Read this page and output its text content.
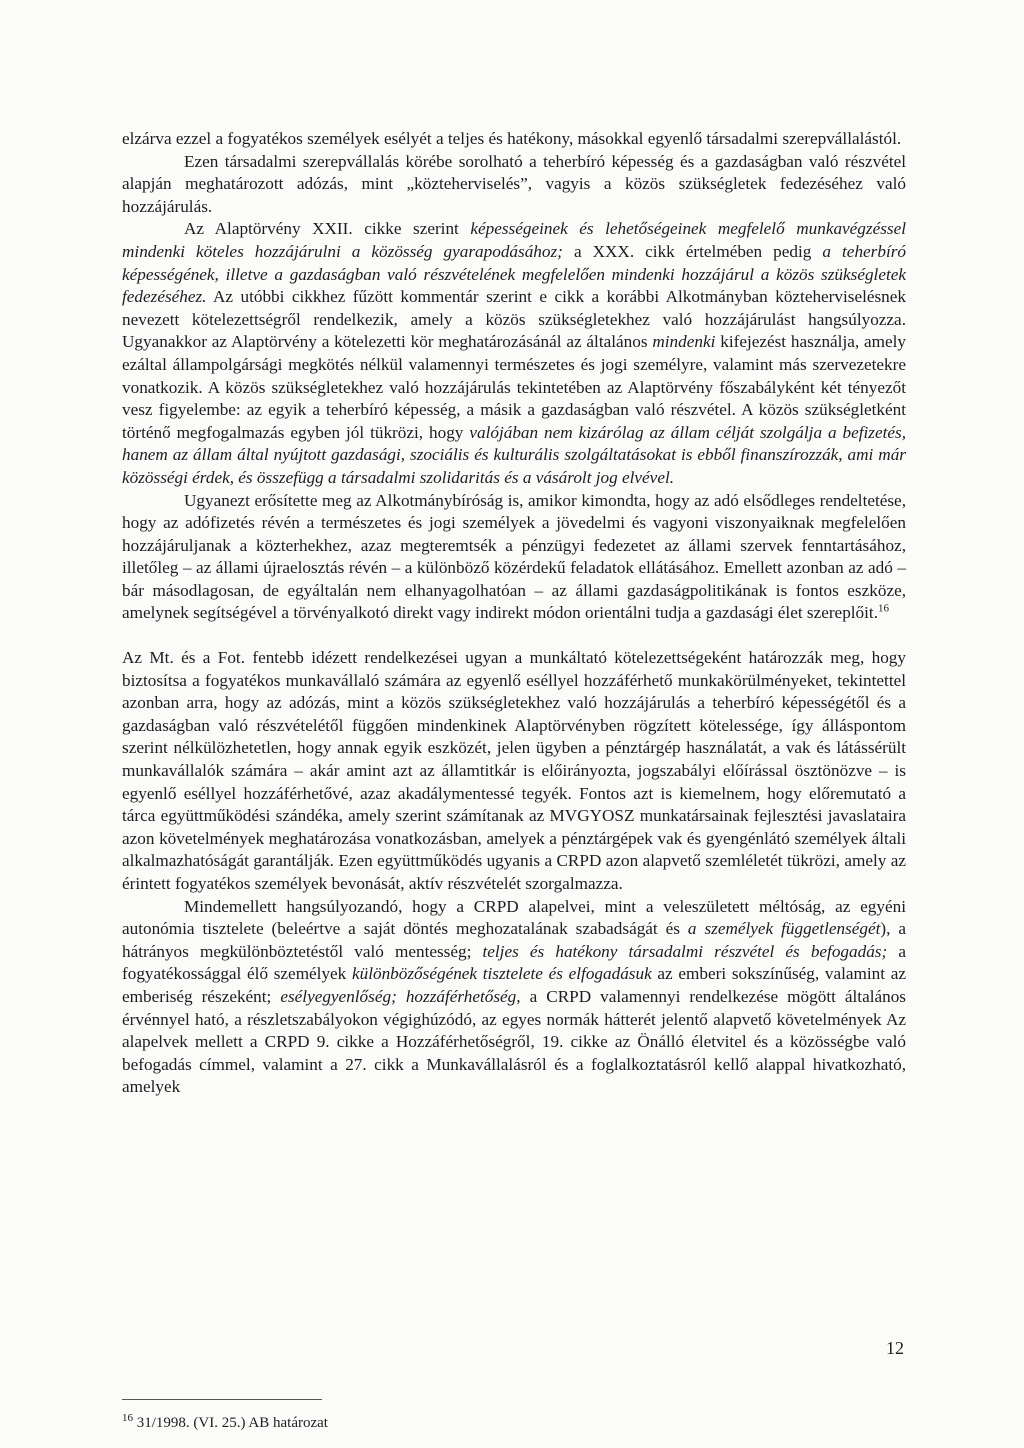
elzárva ezzel a fogyatékos személyek esélyét a teljes és hatékony, másokkal egyenlő társadalmi szerepvállalástól.

Ezen társadalmi szerepvállalás körébe sorolható a teherbíró képesség és a gazdaságban való részvétel alapján meghatározott adózás, mint „közteherviselés”, vagyis a közös szükségletek fedezéséhez való hozzájárulás.

Az Alaptörvény XXII. cikke szerint képességeinek és lehetőségeinek megfelelő munkavégzéssel mindenki köteles hozzájárulni a közösség gyarapodásához; a XXX. cikk értelmében pedig a teherbíró képességének, illetve a gazdaságban való részvételének megfelelően mindenki hozzájárul a közös szükségletek fedezéséhez. Az utóbbi cikkhez fűzött kommentár szerint e cikk a korábbi Alkotmányban közteherviselésnek nevezett kötelezettségről rendelkezik, amely a közös szükségletekhez való hozzájárulást hangsúlyozza. Ugyanakkor az Alaptörvény a kötelezetti kör meghatározásánál az általános mindenki kifejezést használja, amely ezáltal állampolgársági megkötés nélkül valamennyi természetes és jogi személyre, valamint más szervezetekre vonatkozik. A közös szükségletekhez való hozzájárulás tekintetében az Alaptörvény főszabályként két tényezőt vesz figyelembe: az egyik a teherbíró képesség, a másik a gazdaságban való részvétel. A közös szükségletként történő megfogalmazás egyben jól tükrözi, hogy valójában nem kizárólag az állam célját szolgálja a befizetés, hanem az állam által nyújtott gazdasági, szociális és kulturális szolgáltatásokat is ebből finanszírozzák, ami már közösségi érdek, és összefügg a társadalmi szolidaritás és a vásárolt jog elvével.

Ugyanezt erősítette meg az Alkotmánybíróság is, amikor kimondta, hogy az adó elsődleges rendeltetése, hogy az adófizetés révén a természetes és jogi személyek a jövedelmi és vagyoni viszonyaiknak megfelelően hozzájáruljanak a közterhekhez, azaz megteremtsék a pénzügyi fedezetet az állami szervek fenntartásához, illetőleg – az állami újraelosztás révén – a különböző közérdekű feladatok ellátásához. Emellett azonban az adó – bár másodlagosan, de egyáltalán nem elhanyagolhatóan – az állami gazdaságpolitikának is fontos eszköze, amelynek segítségével a törvényalkotó direkt vagy indirekt módon orientálni tudja a gazdasági élet szereplőit.$^{16}$

Az Mt. és a Fot. fentebb idézett rendelkezései ugyan a munkáltató kötelezettségeként határozzák meg, hogy biztosítsa a fogyatékos munkavállaló számára az egyenlő eséllyel hozzáférhető munkakörülményeket, tekintettel azonban arra, hogy az adózás, mint a közös szükségletekhez való hozzájárulás a teherbíró képességétől és a gazdaságban való részvételétől függően mindenkinek Alaptörvényben rögzített kötelessége, így álláspontom szerint nélkülözhetetlen, hogy annak egyik eszközét, jelen ügyben a pénztárgép használatát, a vak és látássérült munkavállalók számára – akár amint azt az államtitkár is előirányozta, jogszabályi előírással ösztönözve – is egyenlő eséllyel hozzáférhetővé, azaz akadálymentessé tegyék. Fontos azt is kiemelnem, hogy előremutató a tárca együttműködési szándéka, amely szerint számítanak az MVGYOSZ munkatársainak fejlesztési javaslataira azon követelmények meghatározása vonatkozásban, amelyek a pénztárgépek vak és gyengénlátó személyek általi alkalmazhatóságát garantálják. Ezen együttműködés ugyanis a CRPD azon alapvető szemléletét tükrözi, amely az érintett fogyatékos személyek bevonását, aktív részvételét szorgalmazza.

Mindemellett hangsúlyozandó, hogy a CRPD alapelvei, mint a veleszületett méltóság, az egyéni autonómia tisztelete (beleértve a saját döntés meghozatalának szabadságát és a személyek függetlenségét), a hátrányos megkülönböztetéstől való mentesség; teljes és hatékony társadalmi részvétel és befogadás; a fogyatékossággal élő személyek különbözőségének tisztelete és elfogadásuk az emberi sokszínűség, valamint az emberiség részeként; esélyegyenlőség; hozzáférhetőség, a CRPD valamennyi rendelkezése mögött általános érvénnyel ható, a részletszabályokon végighúzódó, az egyes normák hátterét jelentő alapvető követelmények Az alapelvek mellett a CRPD 9. cikke a Hozzáférhetőségről, 19. cikke az Önálló életvitel és a közösségbe való befogadás címmel, valamint a 27. cikk a Munkavállalásról és a foglalkoztatásról kellő alappal hivatkozható, amelyek

$^{16}$ 31/1998. (VI. 25.) AB határozat
12
